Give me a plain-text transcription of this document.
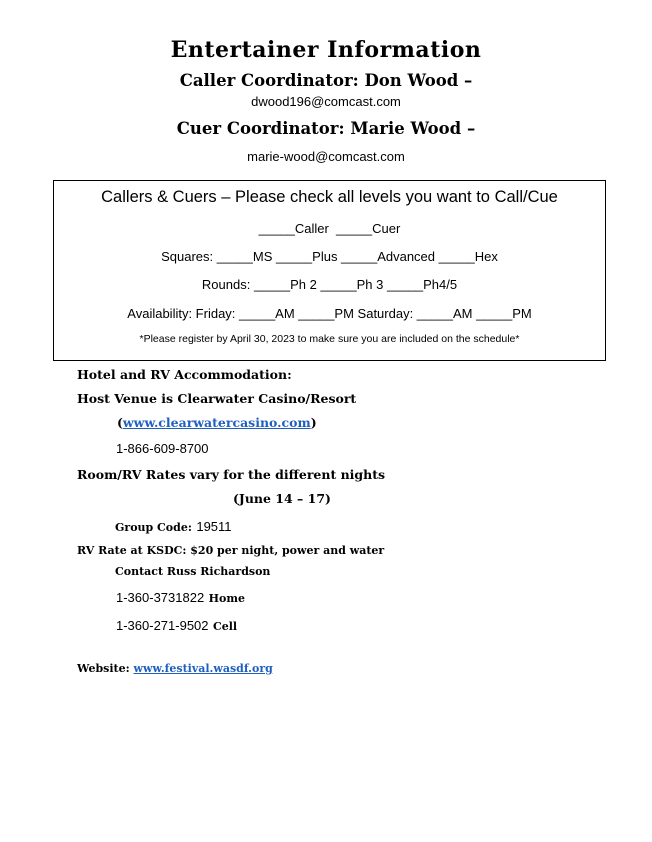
Entertainer Information
Caller Coordinator: Don Wood –
dwood196@comcast.com
Cuer Coordinator: Marie Wood –
marie-wood@comcast.com
Callers & Cuers – Please check all levels you want to Call/Cue
_____Caller  _____Cuer
Squares: _____MS _____Plus _____Advanced _____Hex
Rounds: _____Ph 2 _____Ph 3 _____Ph4/5
Availability: Friday: _____AM _____PM Saturday: _____AM _____PM
*Please register by April 30, 2023 to make sure you are included on the schedule*
Hotel and RV Accommodation:
Host Venue is Clearwater Casino/Resort
(www.clearwatercasino.com)
1-866-609-8700
Room/RV Rates vary for the different nights
(June 14 – 17)
Group Code: 19511
RV Rate at KSDC: $20 per night, power and water
Contact Russ Richardson
1-360-3731822 Home
1-360-271-9502 Cell
Website: www.festival.wasdf.org
